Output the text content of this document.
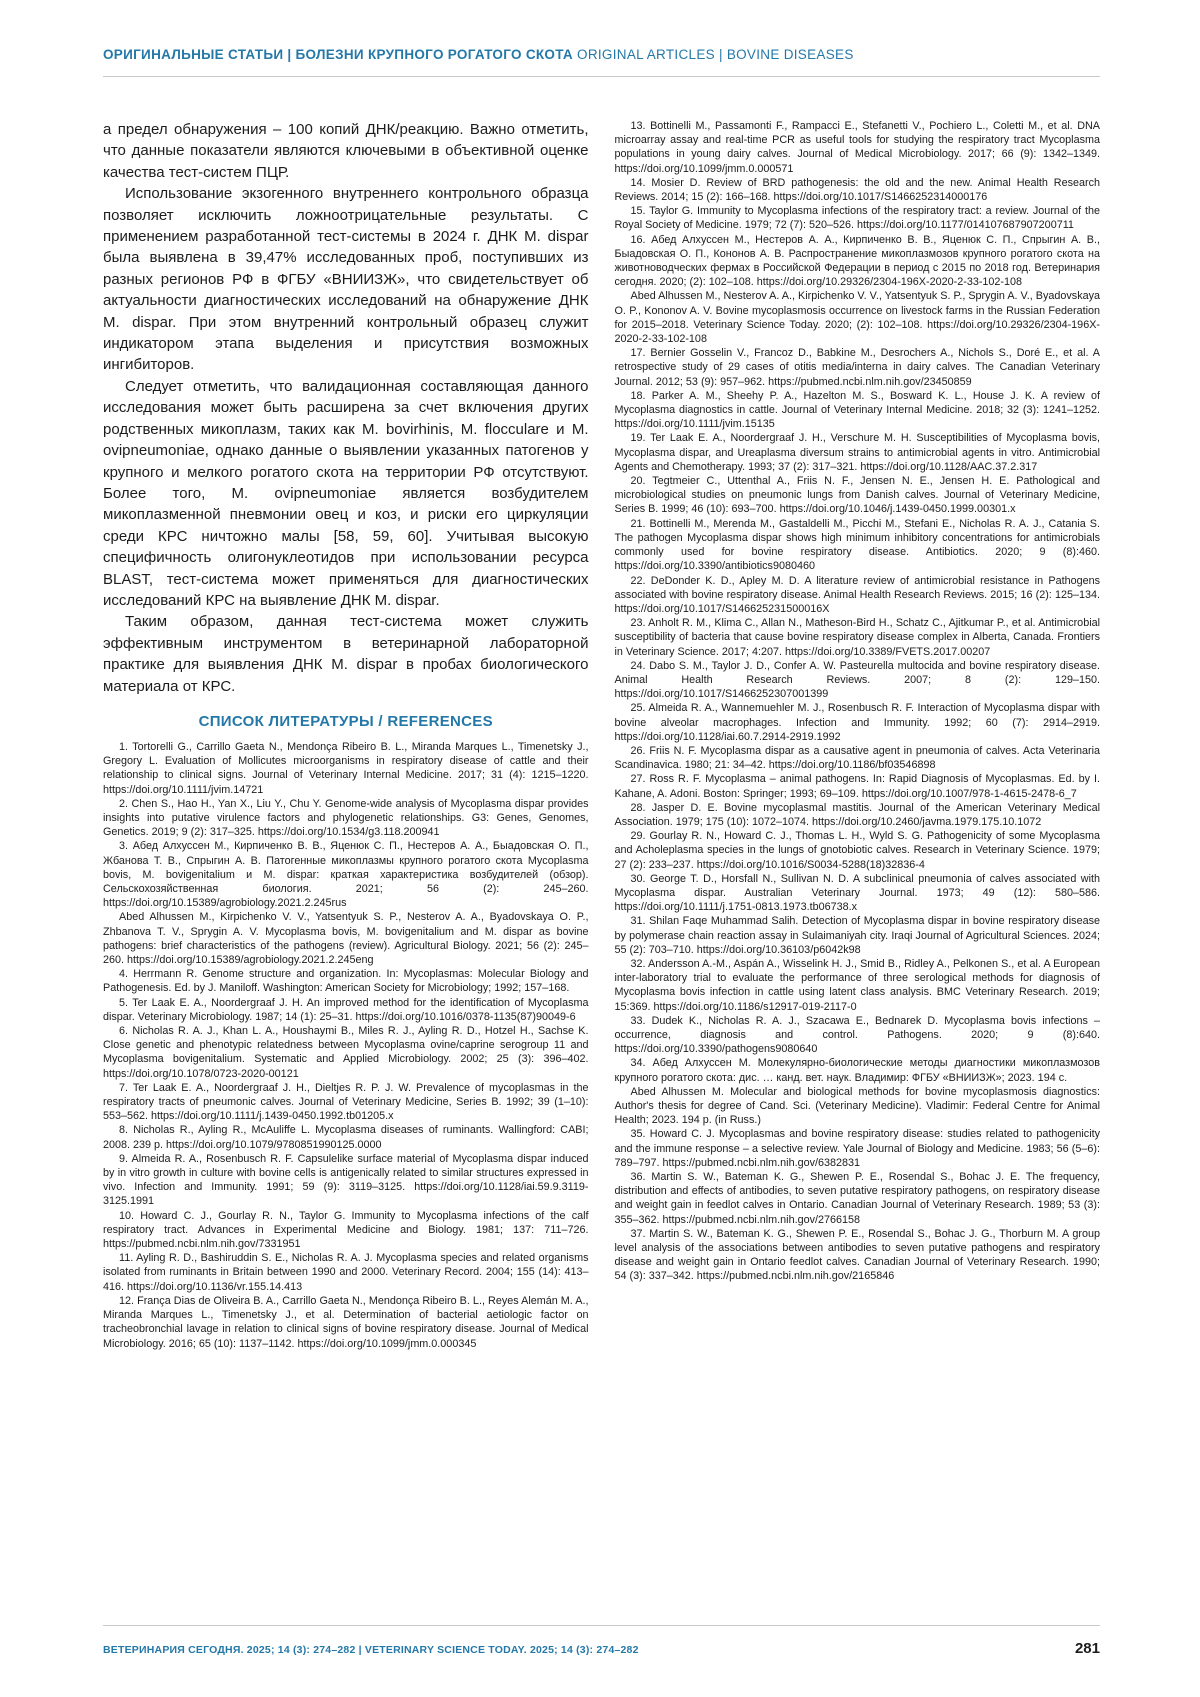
ОРИГИНАЛЬНЫЕ СТАТЬИ | БОЛЕЗНИ КРУПНОГО РОГАТОГО СКОТА ORIGINAL ARTICLES | BOVINE DISEASES

а предел обнаружения – 100 копий ДНК/реакцию. Важно отметить, что данные показатели являются ключевыми в объективной оценке качества тест-систем ПЦР.

Использование экзогенного внутреннего контрольного образца позволяет исключить ложноотрицательные результаты. С применением разработанной тест-системы в 2024 г. ДНК M. dispar была выявлена в 39,47% исследованных проб, поступивших из разных регионов РФ в ФГБУ «ВНИИЗЖ», что свидетельствует об актуальности диагностических исследований на обнаружение ДНК M. dispar. При этом внутренний контрольный образец служит индикатором этапа выделения и присутствия возможных ингибиторов.

Следует отметить, что валидационная составляющая данного исследования может быть расширена за счет включения других родственных микоплазм, таких как M. bovirhinis, M. flocculare и M. ovipneumoniae, однако данные о выявлении указанных патогенов у крупного и мелкого рогатого скота на территории РФ отсутствуют. Более того, M. ovipneumoniae является возбудителем микоплазменной пневмонии овец и коз, и риски его циркуляции среди КРС ничтожно малы [58, 59, 60]. Учитывая высокую специфичность олигонуклеотидов при использовании ресурса BLAST, тест-система может применяться для диагностических исследований КРС на выявление ДНК M. dispar.

Таким образом, данная тест-система может служить эффективным инструментом в ветеринарной лабораторной практике для выявления ДНК M. dispar в пробах биологического материала от КРС.

СПИСОК ЛИТЕРАТУРЫ / REFERENCES

1. Tortorelli G., Carrillo Gaeta N., Mendonça Ribeiro B. L., Miranda Marques L., Timenetsky J., Gregory L. Evaluation of Mollicutes microorganisms in respiratory disease of cattle and their relationship to clinical signs. Journal of Veterinary Internal Medicine. 2017; 31 (4): 1215–1220. https://doi.org/10.1111/jvim.14721

2. Chen S., Hao H., Yan X., Liu Y., Chu Y. Genome-wide analysis of Mycoplasma dispar provides insights into putative virulence factors and phylogenetic relationships. G3: Genes, Genomes, Genetics. 2019; 9 (2): 317–325. https://doi.org/10.1534/g3.118.200941

3. Абед Алхуссен М., Кирпиченко В. В., Яценюк С. П., Нестеров А. А., Быадовская О. П., Жбанова Т. В., Спрыгин А. В. Патогенные микоплазмы крупного рогатого скота Mycoplasma bovis, M. bovigenitalium и M. dispar: краткая характеристика возбудителей (обзор). Сельскохозяйственная биология. 2021; 56 (2): 245–260. https://doi.org/10.15389/agrobiology.2021.2.245rus

Abed Alhussen M., Kirpichenko V. V., Yatsentyuk S. P., Nesterov A. A., Byadovskaya O. P., Zhbanova T. V., Sprygin A. V. Mycoplasma bovis, M. bovigenitalium and M. dispar as bovine pathogens: brief characteristics of the pathogens (review). Agricultural Biology. 2021; 56 (2): 245–260. https://doi.org/10.15389/agrobiology.2021.2.245eng

4. Herrmann R. Genome structure and organization. In: Mycoplasmas: Molecular Biology and Pathogenesis. Ed. by J. Maniloff. Washington: American Society for Microbiology; 1992; 157–168.

5. Ter Laak E. A., Noordergraaf J. H. An improved method for the identification of Mycoplasma dispar. Veterinary Microbiology. 1987; 14 (1): 25–31. https://doi.org/10.1016/0378-1135(87)90049-6

6. Nicholas R. A. J., Khan L. A., Houshaymi B., Miles R. J., Ayling R. D., Hotzel H., Sachse K. Close genetic and phenotypic relatedness between Mycoplasma ovine/caprine serogroup 11 and Mycoplasma bovigenitalium. Systematic and Applied Microbiology. 2002; 25 (3): 396–402. https://doi.org/10.1078/0723-2020-00121

7. Ter Laak E. A., Noordergraaf J. H., Dieltjes R. P. J. W. Prevalence of mycoplasmas in the respiratory tracts of pneumonic calves. Journal of Veterinary Medicine, Series B. 1992; 39 (1–10): 553–562. https://doi.org/10.1111/j.1439-0450.1992.tb01205.x

8. Nicholas R., Ayling R., McAuliffe L. Mycoplasma diseases of ruminants. Wallingford: CABI; 2008. 239 p. https://doi.org/10.1079/9780851990125.0000

9. Almeida R. A., Rosenbusch R. F. Capsulelike surface material of Mycoplasma dispar induced by in vitro growth in culture with bovine cells is antigenically related to similar structures expressed in vivo. Infection and Immunity. 1991; 59 (9): 3119–3125. https://doi.org/10.1128/iai.59.9.3119-3125.1991

10. Howard C. J., Gourlay R. N., Taylor G. Immunity to Mycoplasma infections of the calf respiratory tract. Advances in Experimental Medicine and Biology. 1981; 137: 711–726. https://pubmed.ncbi.nlm.nih.gov/7331951

11. Ayling R. D., Bashiruddin S. E., Nicholas R. A. J. Mycoplasma species and related organisms isolated from ruminants in Britain between 1990 and 2000. Veterinary Record. 2004; 155 (14): 413–416. https://doi.org/10.1136/vr.155.14.413

12. França Dias de Oliveira B. A., Carrillo Gaeta N., Mendonça Ribeiro B. L., Reyes Alemán M. A., Miranda Marques L., Timenetsky J., et al. Determination of bacterial aetiologic factor on tracheobronchial lavage in relation to clinical signs of bovine respiratory disease. Journal of Medical Microbiology. 2016; 65 (10): 1137–1142. https://doi.org/10.1099/jmm.0.000345

13. Bottinelli M., Passamonti F., Rampacci E., Stefanetti V., Pochiero L., Coletti M., et al. DNA microarray assay and real-time PCR as useful tools for studying the respiratory tract Mycoplasma populations in young dairy calves. Journal of Medical Microbiology. 2017; 66 (9): 1342–1349. https://doi.org/10.1099/jmm.0.000571

14. Mosier D. Review of BRD pathogenesis: the old and the new. Animal Health Research Reviews. 2014; 15 (2): 166–168. https://doi.org/10.1017/S1466252314000176

15. Taylor G. Immunity to Mycoplasma infections of the respiratory tract: a review. Journal of the Royal Society of Medicine. 1979; 72 (7): 520–526. https://doi.org/10.1177/014107687907200711

16. Абед Алхуссен М., Нестеров А. А., Кирпиченко В. В., Яценюк С. П., Спрыгин А. В., Быадовская О. П., Кононов А. В. Распространение микоплазмозов крупного рогатого скота на животноводческих фермах в Российской Федерации в период с 2015 по 2018 год. Ветеринария сегодня. 2020; (2): 102–108. https://doi.org/10.29326/2304-196X-2020-2-33-102-108

Abed Alhussen M., Nesterov A. A., Kirpichenko V. V., Yatsentyuk S. P., Sprygin A. V., Byadovskaya O. P., Kononov A. V. Bovine mycoplasmosis occurrence on livestock farms in the Russian Federation for 2015–2018. Veterinary Science Today. 2020; (2): 102–108. https://doi.org/10.29326/2304-196X-2020-2-33-102-108

17. Bernier Gosselin V., Francoz D., Babkine M., Desrochers A., Nichols S., Doré E., et al. A retrospective study of 29 cases of otitis media/interna in dairy calves. The Canadian Veterinary Journal. 2012; 53 (9): 957–962. https://pubmed.ncbi.nlm.nih.gov/23450859

18. Parker A. M., Sheehy P. A., Hazelton M. S., Bosward K. L., House J. K. A review of Mycoplasma diagnostics in cattle. Journal of Veterinary Internal Medicine. 2018; 32 (3): 1241–1252. https://doi.org/10.1111/jvim.15135

19. Ter Laak E. A., Noordergraaf J. H., Verschure M. H. Susceptibilities of Mycoplasma bovis, Mycoplasma dispar, and Ureaplasma diversum strains to antimicrobial agents in vitro. Antimicrobial Agents and Chemotherapy. 1993; 37 (2): 317–321. https://doi.org/10.1128/AAC.37.2.317

20. Tegtmeier C., Uttenthal A., Friis N. F., Jensen N. E., Jensen H. E. Pathological and microbiological studies on pneumonic lungs from Danish calves. Journal of Veterinary Medicine, Series B. 1999; 46 (10): 693–700. https://doi.org/10.1046/j.1439-0450.1999.00301.x

21. Bottinelli M., Merenda M., Gastaldelli M., Picchi M., Stefani E., Nicholas R. A. J., Catania S. The pathogen Mycoplasma dispar shows high minimum inhibitory concentrations for antimicrobials commonly used for bovine respiratory disease. Antibiotics. 2020; 9 (8):460. https://doi.org/10.3390/antibiotics9080460

22. DeDonder K. D., Apley M. D. A literature review of antimicrobial resistance in Pathogens associated with bovine respiratory disease. Animal Health Research Reviews. 2015; 16 (2): 125–134. https://doi.org/10.1017/S146625231500016X

23. Anholt R. M., Klima C., Allan N., Matheson-Bird H., Schatz C., Ajitkumar P., et al. Antimicrobial susceptibility of bacteria that cause bovine respiratory disease complex in Alberta, Canada. Frontiers in Veterinary Science. 2017; 4:207. https://doi.org/10.3389/FVETS.2017.00207

24. Dabo S. M., Taylor J. D., Confer A. W. Pasteurella multocida and bovine respiratory disease. Animal Health Research Reviews. 2007; 8 (2): 129–150. https://doi.org/10.1017/S1466252307001399

25. Almeida R. A., Wannemuehler M. J., Rosenbusch R. F. Interaction of Mycoplasma dispar with bovine alveolar macrophages. Infection and Immunity. 1992; 60 (7): 2914–2919. https://doi.org/10.1128/iai.60.7.2914-2919.1992

26. Friis N. F. Mycoplasma dispar as a causative agent in pneumonia of calves. Acta Veterinaria Scandinavica. 1980; 21: 34–42. https://doi.org/10.1186/bf03546898

27. Ross R. F. Mycoplasma – animal pathogens. In: Rapid Diagnosis of Mycoplasmas. Ed. by I. Kahane, A. Adoni. Boston: Springer; 1993; 69–109. https://doi.org/10.1007/978-1-4615-2478-6_7

28. Jasper D. E. Bovine mycoplasmal mastitis. Journal of the American Veterinary Medical Association. 1979; 175 (10): 1072–1074. https://doi.org/10.2460/javma.1979.175.10.1072

29. Gourlay R. N., Howard C. J., Thomas L. H., Wyld S. G. Pathogenicity of some Mycoplasma and Acholeplasma species in the lungs of gnotobiotic calves. Research in Veterinary Science. 1979; 27 (2): 233–237. https://doi.org/10.1016/S0034-5288(18)32836-4

30. George T. D., Horsfall N., Sullivan N. D. A subclinical pneumonia of calves associated with Mycoplasma dispar. Australian Veterinary Journal. 1973; 49 (12): 580–586. https://doi.org/10.1111/j.1751-0813.1973.tb06738.x

31. Shilan Faqe Muhammad Salih. Detection of Mycoplasma dispar in bovine respiratory disease by polymerase chain reaction assay in Sulaimaniyah city. Iraqi Journal of Agricultural Sciences. 2024; 55 (2): 703–710. https://doi.org/10.36103/p6042k98

32. Andersson A.-M., Aspán A., Wisselink H. J., Smid B., Ridley A., Pelkonen S., et al. A European inter-laboratory trial to evaluate the performance of three serological methods for diagnosis of Mycoplasma bovis infection in cattle using latent class analysis. BMC Veterinary Research. 2019; 15:369. https://doi.org/10.1186/s12917-019-2117-0

33. Dudek K., Nicholas R. A. J., Szacawa E., Bednarek D. Mycoplasma bovis infections – occurrence, diagnosis and control. Pathogens. 2020; 9 (8):640. https://doi.org/10.3390/pathogens9080640

34. Абед Алхуссен М. Молекулярно-биологические методы диагностики микоплазмозов крупного рогатого скота: дис. … канд. вет. наук. Владимир: ФГБУ «ВНИИЗЖ»; 2023. 194 с.

Abed Alhussen M. Molecular and biological methods for bovine mycoplasmosis diagnostics: Author's thesis for degree of Cand. Sci. (Veterinary Medicine). Vladimir: Federal Centre for Animal Health; 2023. 194 p. (in Russ.)

35. Howard C. J. Mycoplasmas and bovine respiratory disease: studies related to pathogenicity and the immune response – a selective review. Yale Journal of Biology and Medicine. 1983; 56 (5–6): 789–797. https://pubmed.ncbi.nlm.nih.gov/6382831

36. Martin S. W., Bateman K. G., Shewen P. E., Rosendal S., Bohac J. E. The frequency, distribution and effects of antibodies, to seven putative respiratory pathogens, on respiratory disease and weight gain in feedlot calves in Ontario. Canadian Journal of Veterinary Research. 1989; 53 (3): 355–362. https://pubmed.ncbi.nlm.nih.gov/2766158

37. Martin S. W., Bateman K. G., Shewen P. E., Rosendal S., Bohac J. G., Thorburn M. A group level analysis of the associations between antibodies to seven putative pathogens and respiratory disease and weight gain in Ontario feedlot calves. Canadian Journal of Veterinary Research. 1990; 54 (3): 337–342. https://pubmed.ncbi.nlm.nih.gov/2165846

ВЕТЕРИНАРИЯ СЕГОДНЯ. 2025; 14 (3): 274–282 | VETERINARY SCIENCE TODAY. 2025; 14 (3): 274–282	281
